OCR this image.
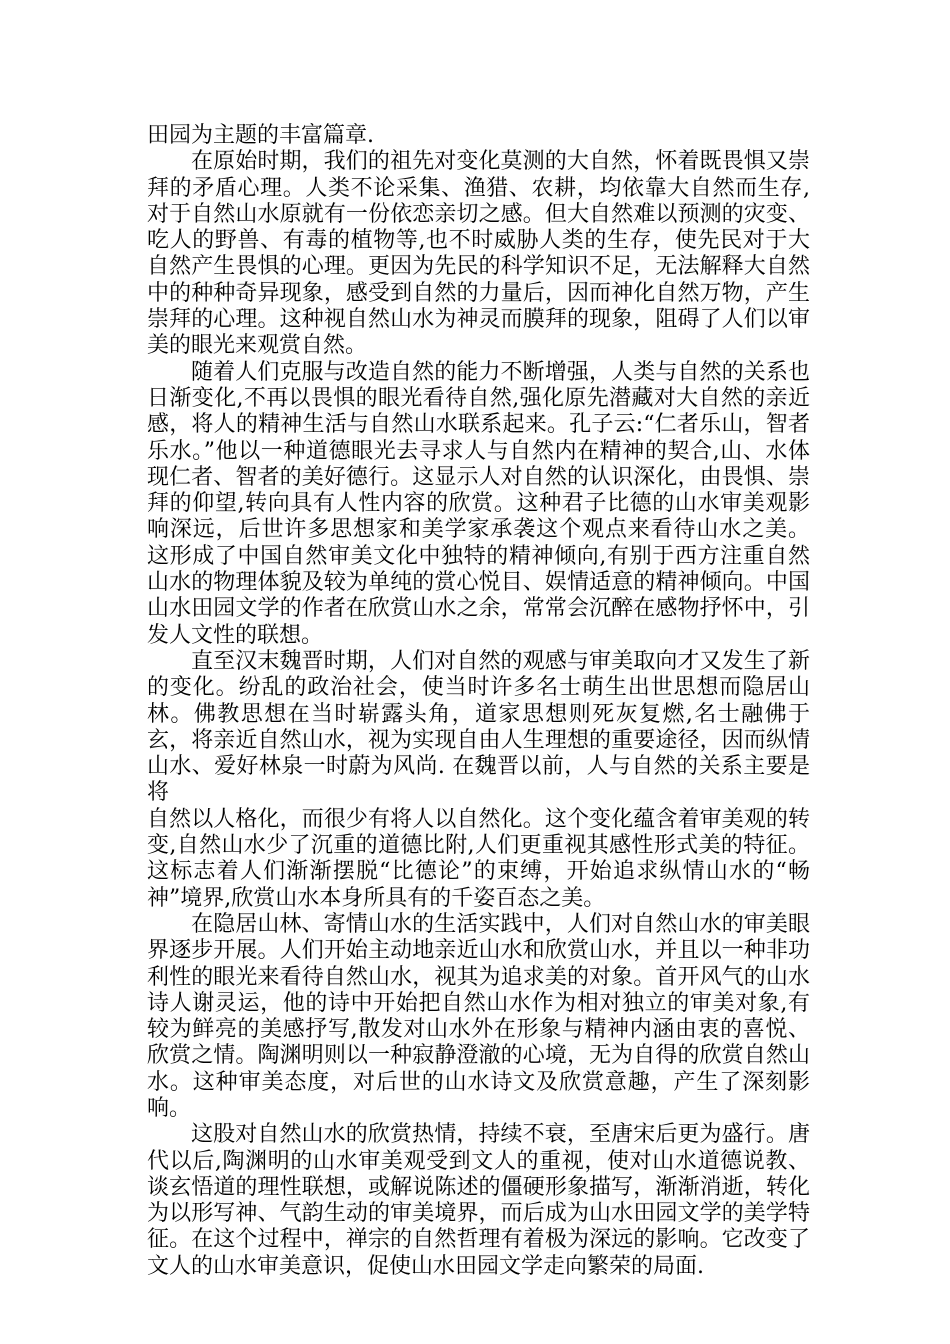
田园为主题的丰富篇章.

在原始时期，我们的祖先对变化莫测的大自然，怀着既畏惧又崇拜的矛盾心理。人类不论采集、渔猎、农耕，均依靠大自然而生存,对于自然山水原就有一份依恋亲切之感。但大自然难以预测的灾变、吃人的野兽、有毒的植物等,也不时威胁人类的生存，使先民对于大自然产生畏惧的心理。更因为先民的科学知识不足，无法解释大自然中的种种奇异现象，感受到自然的力量后，因而神化自然万物，产生崇拜的心理。这种视自然山水为神灵而膜拜的现象，阻碍了人们以审美的眼光来观赏自然。

随着人们克服与改造自然的能力不断增强，人类与自然的关系也日渐变化,不再以畏惧的眼光看待自然,强化原先潜藏对大自然的亲近感，将人的精神生活与自然山水联系起来。孔子云:“仁者乐山，智者乐水。”他以一种道德眼光去寻求人与自然内在精神的契合,山、水体现仁者、智者的美好德行。这显示人对自然的认识深化，由畏惧、崇拜的仰望,转向具有人性内容的欣赏。这种君子比德的山水审美观影响深远，后世许多思想家和美学家承袭这个观点来看待山水之美。 这形成了中国自然审美文化中独特的精神倾向,有别于西方注重自然山水的物理体貌及较为单纯的赏心悦目、娱情适意的精神倾向。中国山水田园文学的作者在欣赏山水之余，常常会沉醉在感物抒怀中，引发人文性的联想。

直至汉末魏晋时期，人们对自然的观感与审美取向才又发生了新的变化。纷乱的政治社会，使当时许多名士萌生出世思想而隐居山林。佛教思想在当时崭露头角，道家思想则死灰复燃,名士融佛于玄，将亲近自然山水，视为实现自由人生理想的重要途径，因而纵情山水、爱好林泉一时蔚为风尚. 在魏晋以前，人与自然的关系主要是将

自然以人格化，而很少有将人以自然化。这个变化蕴含着审美观的转变,自然山水少了沉重的道德比附,人们更重视其感性形式美的特征。这标志着人们渐渐摆脱“比德论”的束缚，开始追求纵情山水的“畅神”境界,欣赏山水本身所具有的千姿百态之美。

在隐居山林、寄情山水的生活实践中，人们对自然山水的审美眼界逐步开展。人们开始主动地亲近山水和欣赏山水，并且以一种非功利性的眼光来看待自然山水，视其为追求美的对象。首开风气的山水诗人谢灵运，他的诗中开始把自然山水作为相对独立的审美对象,有较为鲜亮的美感抒写,散发对山水外在形象与精神内涵由衷的喜悦、欣赏之情。陶渊明则以一种寂静澄澈的心境，无为自得的欣赏自然山水。这种审美态度，对后世的山水诗文及欣赏意趣，产生了深刻影响。

这股对自然山水的欣赏热情，持续不衰，至唐宋后更为盛行。唐代以后,陶渊明的山水审美观受到文人的重视，使对山水道德说教、谈玄悟道的理性联想，或解说陈述的僵硬形象描写，渐渐消逝，转化为以形写神、气韵生动的审美境界，而后成为山水田园文学的美学特征。在这个过程中，禅宗的自然哲理有着极为深远的影响。它改变了文人的山水审美意识，促使山水田园文学走向繁荣的局面.
